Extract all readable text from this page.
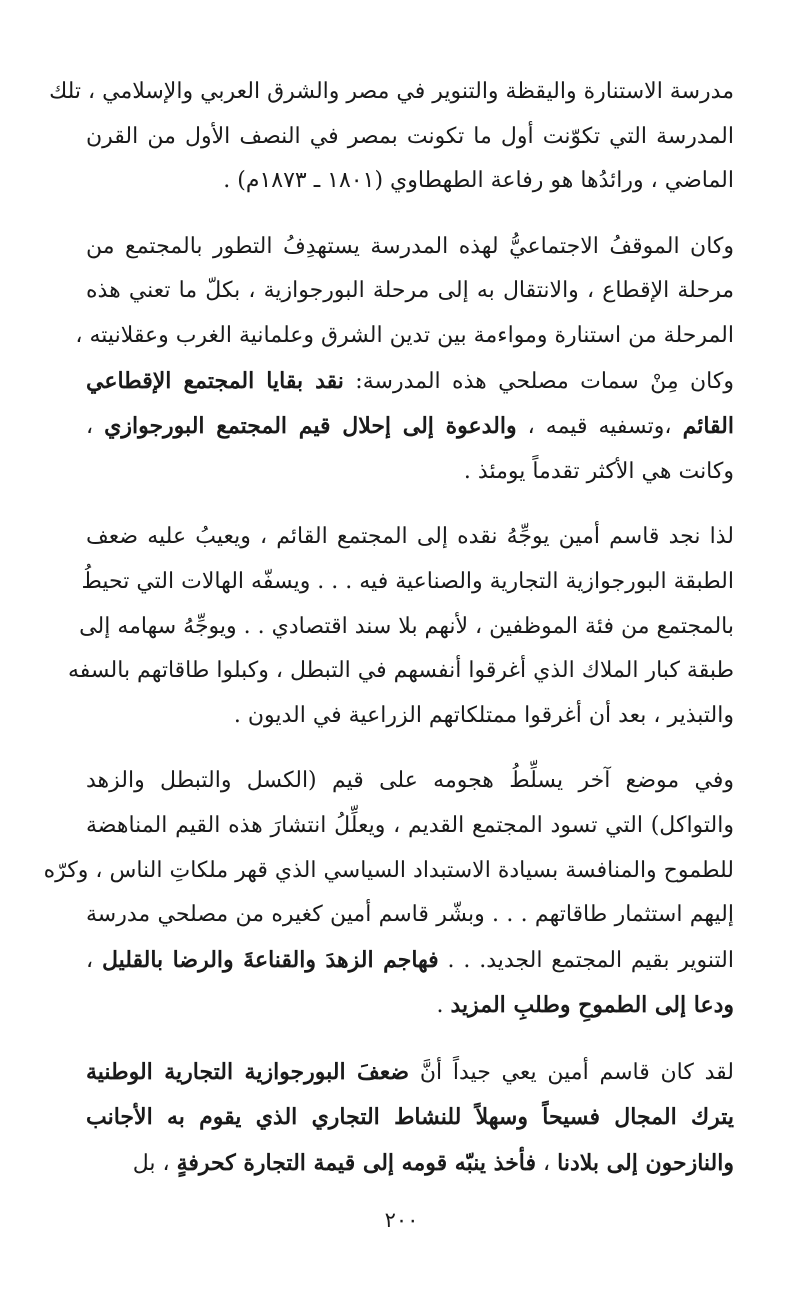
مدرسة الاستنارة واليقظة والتنوير في مصر والشرق العربي والإسلامي ، تلك
المدرسة التي تكوّنت أول ما تكونت بمصر في النصف الأول من القرن
الماضي ، ورائدُها هو رفاعة الطهطاوي (١٨٠١ ـ ١٨٧٣م) .
وكان الموقفُ الاجتماعيُّ لهذه المدرسة يستهدِفُ التطور بالمجتمع من
مرحلة الإقطاع ، والانتقال به إلى مرحلة البورجوازية ، بكلّ ما تعني هذه
المرحلة من استنارة ومواءمة بين تدين الشرق وعلمانية الغرب وعقلانيته ،
وكان مِنْ سمات مصلحي هذه المدرسة: نقد بقايا المجتمع الإقطاعي
القائم ،وتسفيه قيمه ، والدعوة إلى إحلال قيم المجتمع البورجوازي ،
وكانت هي الأكثر تقدماً يومئذ .
لذا نجد قاسم أمين يوجِّهُ نقده إلى المجتمع القائم ، ويعيبُ عليه ضعف
الطبقة البورجوازية التجارية والصناعية فيه . . . ويسفّه الهالات التي تحيطُ
بالمجتمع من فئة الموظفين ، لأنهم بلا سند اقتصادي . . ويوجِّهُ سهامه إلى
طبقة كبار الملاك الذي أغرقوا أنفسهم في التبطل ، وكبلوا طاقاتهم بالسفه
والتبذير ، بعد أن أغرقوا ممتلكاتهم الزراعية في الديون .
وفي موضع آخر يسلِّطُ هجومه على قيم (الكسل والتبطل والزهد
والتواكل) التي تسود المجتمع القديم ، ويعلِّلُ انتشارَ هذه القيم المناهضة
للطموح والمنافسة بسيادة الاستبداد السياسي الذي قهر ملكاتِ الناس ، وكرّه
إليهم استثمار طاقاتهم . . . وبشّر قاسم أمين كغيره من مصلحي مدرسة
التنوير بقيم المجتمع الجديد. . . فهاجم الزهدَ والقناعةَ والرضا بالقليل ،
ودعا إلى الطموحِ وطلبِ المزيد .
لقد كان قاسم أمين يعي جيداً أنَّ ضعفَ البورجوازية التجارية الوطنية
يترك المجال فسيحاً وسهلاً للنشاط التجاري الذي يقوم به الأجانب
والنازحون إلى بلادنا ، فأخذ ينبّه قومه إلى قيمة التجارة كحرفةٍ ، بل
٢٠٠
